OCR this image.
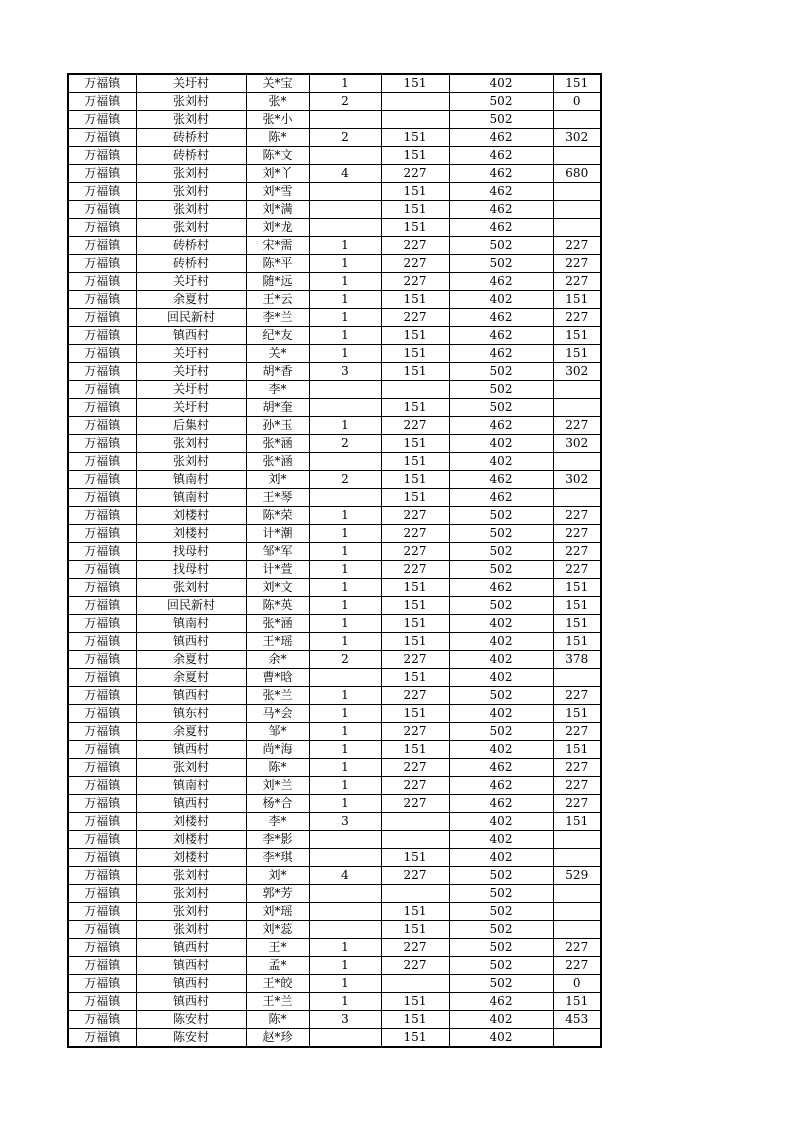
万福镇	关圩村	关*宝	1	151	402	151
万福镇	张刘村	张*	2		502	0
万福镇	张刘村	张*小			502	
万福镇	砖桥村	陈*	2	151	462	302
万福镇	砖桥村	陈*文		151	462	
万福镇	张刘村	刘*丫	4	227	462	680
万福镇	张刘村	刘*雪		151	462	
万福镇	张刘村	刘*满		151	462	
万福镇	张刘村	刘*龙		151	462	
万福镇	砖桥村	宋*需	1	227	502	227
万福镇	砖桥村	陈*平	1	227	502	227
万福镇	关圩村	随*远	1	227	462	227
万福镇	余夏村	王*云	1	151	402	151
万福镇	回民新村	李*兰	1	227	462	227
万福镇	镇西村	纪*友	1	151	462	151
万福镇	关圩村	关*	1	151	462	151
万福镇	关圩村	胡*香	3	151	502	302
万福镇	关圩村	李*			502	
万福镇	关圩村	胡*奎		151	502	
万福镇	后集村	孙*玉	1	227	462	227
万福镇	张刘村	张*涵	2	151	402	302
万福镇	张刘村	张*涵		151	402	
万福镇	镇南村	刘*	2	151	462	302
万福镇	镇南村	王*琴		151	462	
万福镇	刘楼村	陈*荣	1	227	502	227
万福镇	刘楼村	计*潮	1	227	502	227
万福镇	找母村	邹*军	1	227	502	227
万福镇	找母村	计*萱	1	227	502	227
万福镇	张刘村	刘*文	1	151	462	151
万福镇	回民新村	陈*英	1	151	502	151
万福镇	镇南村	张*涵	1	151	402	151
万福镇	镇西村	王*瑶	1	151	402	151
万福镇	余夏村	余*	2	227	402	378
万福镇	余夏村	曹*晗		151	402	
万福镇	镇西村	张*兰	1	227	502	227
万福镇	镇东村	马*会	1	151	402	151
万福镇	余夏村	邹*	1	227	502	227
万福镇	镇西村	尚*海	1	151	402	151
万福镇	张刘村	陈*	1	227	462	227
万福镇	镇南村	刘*兰	1	227	462	227
万福镇	镇西村	杨*合	1	227	462	227
万福镇	刘楼村	李*	3		402	151
万福镇	刘楼村	李*影			402	
万福镇	刘楼村	李*琪		151	402	
万福镇	张刘村	刘*	4	227	502	529
万福镇	张刘村	郭*芳			502	
万福镇	张刘村	刘*瑶		151	502	
万福镇	张刘村	刘*蕊		151	502	
万福镇	镇西村	王*	1	227	502	227
万福镇	镇西村	孟*	1	227	502	227
万福镇	镇西村	王*皎	1		502	0
万福镇	镇西村	王*兰	1	151	462	151
万福镇	陈安村	陈*	3	151	402	453
万福镇	陈安村	赵*珍		151	402	
